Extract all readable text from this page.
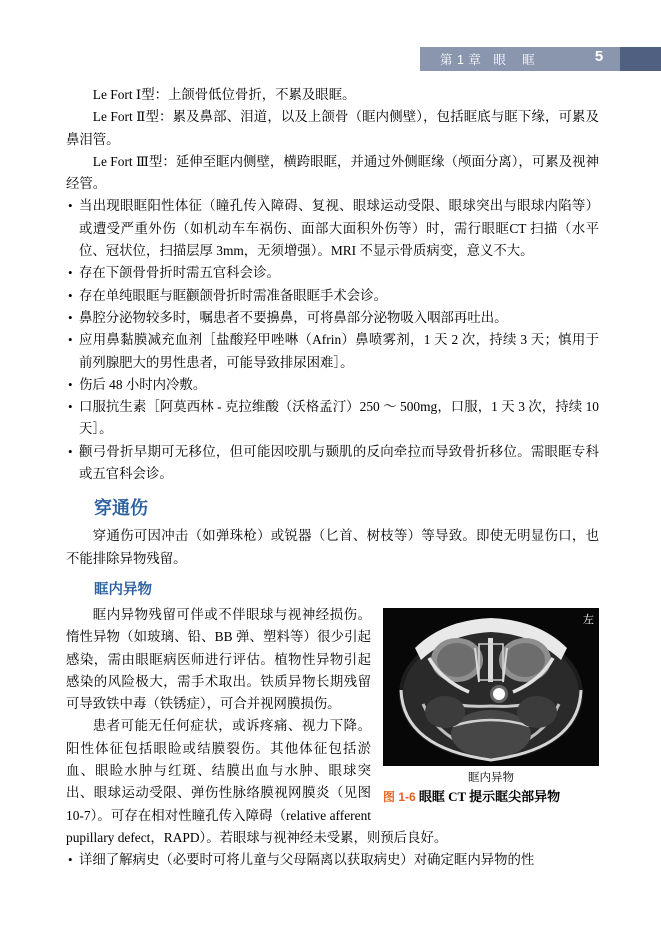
第 1 章   眼    眶	5

Le Fort Ⅰ型：上颌骨低位骨折，不累及眼眶。

Le Fort Ⅱ型：累及鼻部、泪道，以及上颌骨（眶内侧壁），包括眶底与眶下缘，可累及鼻泪管。

Le Fort Ⅲ型：延伸至眶内侧壁，横跨眼眶，并通过外侧眶缘（颅面分离），可累及视神经管。

• 当出现眼眶阳性体征（瞳孔传入障碍、复视、眼球运动受限、眼球突出与眼球内陷等）或遭受严重外伤（如机动车车祸伤、面部大面积外伤等）时，需行眼眶CT 扫描（水平位、冠状位，扫描层厚 3mm，无须增强）。MRI 不显示骨质病变，意义不大。

• 存在下颌骨骨折时需五官科会诊。

• 存在单纯眼眶与眶颧颌骨折时需准备眼眶手术会诊。

• 鼻腔分泌物较多时，嘱患者不要擤鼻，可将鼻部分泌物吸入咽部再吐出。

• 应用鼻黏膜减充血剂［盐酸羟甲唑啉（Afrin）鼻喷雾剂，1 天 2 次，持续 3 天；慎用于前列腺肥大的男性患者，可能导致排尿困难］。

• 伤后 48 小时内冷敷。

• 口服抗生素［阿莫西林 - 克拉维酸（沃格孟汀）250 ～ 500mg，口服，1 天 3 次，持续 10 天］。

• 颧弓骨折早期可无移位，但可能因咬肌与颞肌的反向牵拉而导致骨折移位。需眼眶专科或五官科会诊。

穿通伤

穿通伤可因冲击（如弹珠枪）或锐器（匕首、树枝等）等导致。即使无明显伤口，也不能排除异物残留。

眶内异物
左
眶内异物
图 1-6 眼眶 CT 提示眶尖部异物

眶内异物残留可伴或不伴眼球与视神经损伤。惰性异物（如玻璃、铅、BB 弹、塑料等）很少引起感染，需由眼眶病医师进行评估。植物性异物引起感染的风险极大，需手术取出。铁质异物长期残留可导致铁中毒（铁锈症），可合并视网膜损伤。

患者可能无任何症状，或诉疼痛、视力下降。阳性体征包括眼睑或结膜裂伤。其他体征包括淤血、眼睑水肿与红斑、结膜出血与水肿、眼球突出、眼球运动受限、弹伤性脉络膜视网膜炎（见图 10-7）。可存在相对性瞳孔传入障碍（relative afferent pupillary defect，RAPD）。若眼球与视神经未受累，则预后良好。

• 详细了解病史（必要时可将儿童与父母隔离以获取病史）对确定眶内异物的性
